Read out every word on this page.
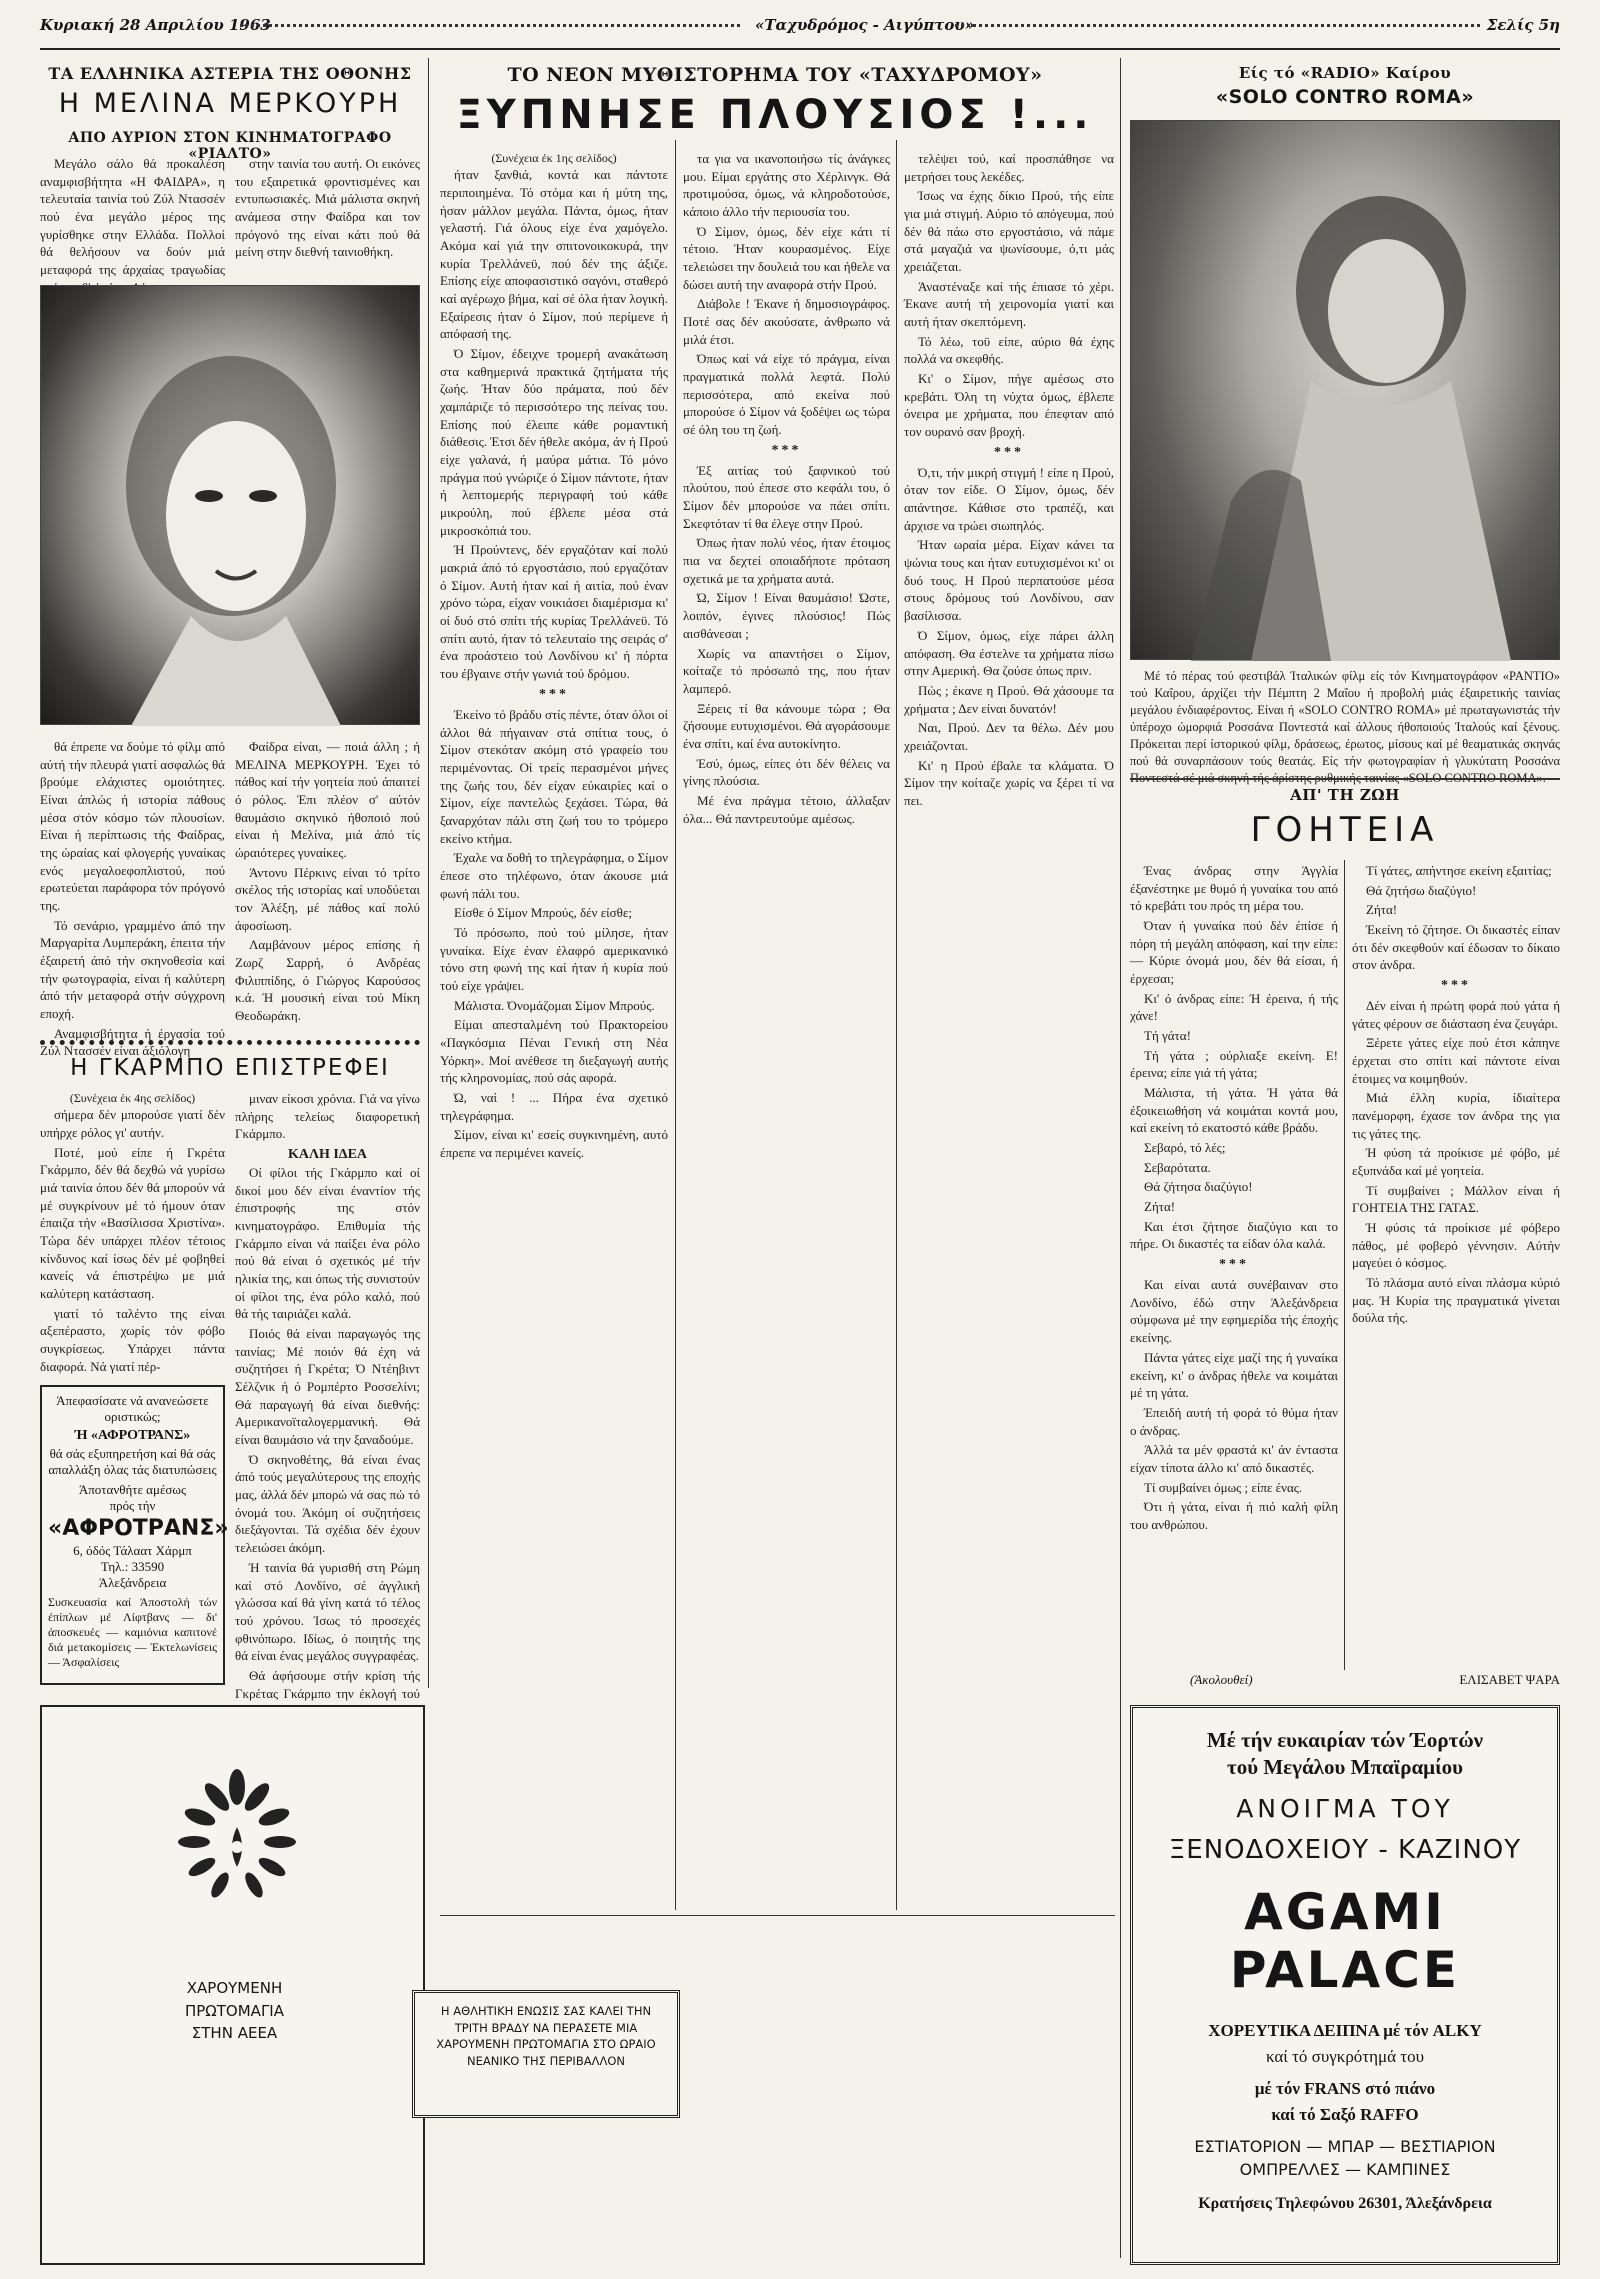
Κυριακή 28 Απριλίου 1963	«Ταχυδρόμος - Αιγύπτου»	Σελίς 5η
ΤΑ ΕΛΛΗΝΙΚΑ ΑΣΤΕΡΙΑ ΤΗΣ ΟΘΟΝΗΣ
Η ΜΕΛΙΝΑ ΜΕΡΚΟΥΡΗ
ΑΠΟ ΑΥΡΙΟΝ ΣΤΟΝ ΚΙΝΗΜΑΤΟΓΡΑΦΟ «ΡΙΑΛΤΟ»

Μεγάλο σάλο θά προκαλέση αναμφισβήτητα «Η ΦΑΙΔΡΑ», η τελευταία ταινία τού Ζύλ Ντασσέν πού ένα μεγάλο μέρος της γυρίσθηκε στην Ελλάδα. Πολλοί θά θελήσουν να δούν μιά μεταφορά της άρχαίας τραγωδίας

στην ταινία του αυτή. Οι εικόνες του εξαιρετικά φροντισμένες και εντυπωσιακές. Μιά μάλιστα σκηνή ανάμεσα στην Φαίδρα και τον πρόγονό της είναι κάτι πού θά μείνη στην διεθνή ταινιοθήκη.

θά έπρεπε να δούμε τό φίλμ από αύτή τήν πλευρά γιατί ασφαλώς θά βρούμε ελάχιστες ομοιότητες. Είναι άπλώς ή ιστορία πάθους μέσα στόν κόσμο τών πλουσίων. Είναι ή περίπτωσις τής Φαίδρας, της ώραίας καί φλογερής γυναίκας ενός μεγαλοεφοπλιστού, πού ερωτεύεται παράφορα τόν πρόγονό της.

Τό σενάριο, γραμμένο άπό την Μαργαρίτα Λυμπεράκη, έπειτα τήν έξαιρετή άπό τήν σκηνοθεσία καί τήν φωτογραφία, είναι ή καλύτερη άπό τήν μεταφορά στήν σύγχρονη εποχή.

Αναμφισβήτητα ή έργασία τού Ζύλ Ντασσέν είναι άξιόλογη

Φαίδρα είναι, — ποιά άλλη ; ή ΜΕΛΙΝΑ ΜΕΡΚΟΥΡΗ. Έχει τό πάθος καί τήν γοητεία πού άπαιτεί ό ρόλος. Έπι πλέον σ' αύτόν θαυμάσιο σκηνικό ήθοποιό πού είναι ή Μελίνα, μιά άπό τίς ώραιότερες γυναίκες.

Άντονυ Πέρκινς είναι τό τρίτο σκέλος τής ιστορίας καί υποδύεται τον Άλέξη, μέ πάθος καί πολύ άφοσίωση.

Λαμβάνουν μέρος επίσης ή Ζωρζ Σαρρή, ό Ανδρέας Φιλιππίδης, ό Γιώργος Καρούσος κ.ά. Ή μουσική είναι τού Μίκη Θεοδωράκη.

Η ΓΚΑΡΜΠΟ ΕΠΙΣΤΡΕΦΕΙ
(Συνέχεια έκ 4ης σελίδος)

σήμερα δέν μπορούσε γιατί δέν υπήρχε ρόλος γι' αυτήν.

Ποτέ, μού είπε ή Γκρέτα Γκάρμπο, δέν θά δεχθώ νά γυρίσω μιά ταινία όπου δέν θά μπορούν νά μέ συγκρίνουν μέ τό ήμουν όταν έπαιζα τήν «Βασίλισσα Χριστίνα». Τώρα δέν υπάρχει πλέον τέτοιος κίνδυνος καί ίσως δέν μέ φοβηθεί κανείς νά έπιστρέψω με μιά καλύτερη κατάσταση.

γιατί τό ταλέντο της είναι αξεπέραστο, χωρίς τόν φόβο συγκρίσεως. Υπάρχει πάντα διαφορά. Νά γιατί πέρ-

μιναν είκοσι χρόνια. Γιά να γίνω πλήρης τελείως διαφορετική Γκάρμπο.

ΚΑΛΗ ΙΔΕΑ

Οί φίλοι τής Γκάρμπο καί οί δικοί μου δέν είναι έναντίον τής έπιστροφής της στόν κινηματογράφο. Επιθυμία τής Γκάρμπο είναι νά παίξει ένα ρόλο πού θά είναι ό σχετικός μέ τήν ηλικία της, και όπως τής συνιστούν οί φίλοι της, ένα ρόλο καλό, πού θά τής ταιριάζει καλά.

Ποιός θά είναι παραγωγός της ταινίας; Μέ ποιόν θά έχη νά συζητήσει ή Γκρέτα; Ό Ντέηβιντ Σέλζνικ ή ό Ρομπέρτο Ροσσελίνι; Θά παραγωγή θά είναι διεθνής: Αμερικανοϊταλογερμανική. Θά είναι θαυμάσιο νά την ξαναδούμε.

Ό σκηνοθέτης, θά είναι ένας άπό τούς μεγαλύτερους της εποχής μας, άλλά δέν μπορώ νά σας πώ τό όνομά του. Άκόμη οί συζητήσεις διεξάγονται. Τά σχέδια δέν έχουν τελειώσει άκόμη.

Ή ταινία θά γυρισθή στη Ρώμη καί στό Λονδίνο, σέ άγγλική γλώσσα καί θά γίνη κατά τό τέλος τού χρόνου. Ίσως τό προσεχές φθινόπωρο. Ιδίως, ό ποιητής της θά είναι ένας μεγάλος συγγραφέας.

Θά άφήσουμε στήν κρίση τής Γκρέτας Γκάρμπο την έκλογή τού

Άπεφασίσατε νά ανανεώσετε οριστικώς;
Ή «ΑΦΡΟΤΡΑΝΣ»
θά σάς εξυπηρετήση καί θά σάς απαλλάξη όλας τάς διατυπώσεις
Άποτανθήτε αμέσως
πρός τήν
«ΑΦΡΟΤΡΑΝΣ»
6, όδός Τάλαατ Χάρμπ
Τηλ.: 33590
Άλεξάνδρεια
Συσκευασία καί Άποστολή τών έπίπλων μέ Λίφτβανς — δι' άποσκευές — καμιόνια καπιτονέ διά μετακομίσεις — Έκτελωνίσεις — Άσφαλίσεις
ΧΑΡΟΥΜΕΝΗ
ΠΡΩΤΟΜΑΓΙΑ
ΣΤΗΝ ΑΕΕΑ
ΤΟ ΝΕΟΝ ΜΥΘΙΣΤΟΡΗΜΑ ΤΟΥ «ΤΑΧΥΔΡΟΜΟΥ»
ΞΥΠΝΗΣΕ ΠΛΟΥΣΙΟΣ !...
(Συνέχεια έκ 1ης σελίδος)

ήταν ξανθιά, κοντά και πάντοτε περιποιημένα. Τό στόμα και ή μύτη της, ήσαν μάλλον μεγάλα. Πάντα, όμως, ήταν γελαστή. Γιά όλους είχε ένα χαμόγελο. Ακόμα καί γιά την σπιτονοικοκυρά, την κυρία Τρελλάνεϋ, πού δέν της άξιζε. Επίσης είχε αποφασιστικό σαγόνι, σταθερό καί αγέρωχο βήμα, καί σέ όλα ήταν λογική. Εξαίρεσις ήταν ό Σίμον, πού περίμενε ή απόφασή της.

Ό Σίμον, έδειχνε τρομερή ανακάτωση στα καθημερινά πρακτικά ζητήματα τής ζωής. Ήταν δύο πράματα, πού δέν χαμπάριζε τό περισσότερο της πείνας του. Επίσης πού έλειπε κάθε ρομαντική διάθεσις. Έτσι δέν ήθελε ακόμα, άν ή Πρού είχε γαλανά, ή μαύρα μάτια. Τό μόνο πράγμα πού γνώριζε ό Σίμον πάντοτε, ήταν ή λεπτομερής περιγραφή τού κάθε μικρούλη, πού έβλεπε μέσα στά μικροσκόπιά του.

Ή Προύντενς, δέν εργαζόταν καί πολύ μακριά άπό τό εργοστάσιο, πού εργαζόταν ό Σίμον. Αυτή ήταν καί ή αιτία, πού έναν χρόνο τώρα, είχαν νοικιάσει διαμέρισμα κι' οί δυό στό σπίτι τής κυρίας Τρελλάνεϋ. Τό σπίτι αυτό, ήταν τό τελευταίο της σειράς σ' ένα προάστειο τού Λονδίνου κι' ή πόρτα του έβγαινε στήν γωνιά τού δρόμου.

***

Έκείνο τό βράδυ στίς πέντε, όταν όλοι οί άλλοι θά πήγαιναν στά σπίτια τους, ό Σίμον στεκόταν ακόμη στό γραφείο του περιμένοντας. Οί τρείς περασμένοι μήνες της ζωής του, δέν είχαν εύκαιρίες καί ο Σίμον, είχε παντελώς ξεχάσει. Τώρα, θά ξαναρχόταν πάλι στη ζωή του το τρόμερο εκείνο κτήμα.

Έχαλε να δοθή το τηλεγράφημα, ο Σίμον έπεσε στο τηλέφωνο, όταν άκουσε μιά φωνή πάλι του.

Είσθε ό Σίμον Μπρούς, δέν είσθε;

Τό πρόσωπο, πού τού μίλησε, ήταν γυναίκα. Είχε έναν έλαφρό αμερικανικό τόνο στη φωνή της καί ήταν ή κυρία πού τού είχε γράψει.

Μάλιστα. Όνομάζομαι Σίμον Μπρούς.

Είμαι απεσταλμένη τού Πρακτορείου «Παγκόσμια Πέναι Γενική στη Νέα Υόρκη». Μοί ανέθεσε τη διεξαγωγή αυτής τής κληρονομίας, πού σάς αφορά.

Ώ, ναί ! ... Πήρα ένα σχετικό τηλεγράφημα.

Σίμον, είναι κι' εσείς συγκινημένη, αυτό έπρεπε να περιμένει κανείς.

τα για να ικανοποιήσω τίς άνάγκες μου. Είμαι εργάτης στο Χέρλινγκ. Θά προτιμούσα, όμως, νά κληροδοτούσε, κάποιο άλλο τήν περιουσία του.

Ό Σίμον, όμως, δέν είχε κάτι τί τέτοιο. Ήταν κουρασμένος. Είχε τελειώσει την δουλειά του και ήθελε να δώσει αυτή την αναφορά στήν Πρού.

Διάβολε ! Έκανε ή δημοσιογράφος. Ποτέ σας δέν ακούσατε, άνθρωπο νά μιλά έτσι.

Όπως καί νά είχε τό πράγμα, είναι πραγματικά πολλά λεφτά. Πολύ περισσότερα, από εκείνα πού μπορούσε ό Σίμον νά ξοδέψει ως τώρα σέ όλη του τη ζωή.

***

Έξ αιτίας τού ξαφνικού τού πλούτου, πού έπεσε στο κεφάλι του, ό Σίμον δέν μπορούσε να πάει σπίτι. Σκεφτόταν τί θα έλεγε στην Πρού.

Όπως ήταν πολύ νέος, ήταν έτοιμος πια να δεχτεί οποιαδήποτε πρόταση σχετικά με τα χρήματα αυτά.

Ώ, Σίμον ! Είναι θαυμάσιο! Ώστε, λοιπόν, έγινες πλούσιος! Πώς αισθάνεσαι ;

Χωρίς να απαντήσει ο Σίμον, κοίταζε τό πρόσωπό της, που ήταν λαμπερό.

Ξέρεις τί θα κάνουμε τώρα ; Θα ζήσουμε ευτυχισμένοι. Θά αγοράσουμε ένα σπίτι, καί ένα αυτοκίνητο.

Έσύ, όμως, είπες ότι δέν θέλεις να γίνης πλούσια.

Μέ ένα πράγμα τέτοιο, άλλαξαν όλα... Θά παντρευτούμε αμέσως.

τελέψει τού, καί προσπάθησε να μετρήσει τους λεκέδες.

Ίσως να έχης δίκιο Πρού, τής είπε για μιά στιγμή. Αύριο τό απόγευμα, πού δέν θά πάω στο εργοστάσιο, νά πάμε στά μαγαζιά να ψωνίσουμε, ό,τι μάς χρειάζεται.

Άναστέναξε καί τής έπιασε τό χέρι. Έκανε αυτή τή χειρονομία γιατί και αυτή ήταν σκεπτόμενη.

Τό λέω, τοϋ είπε, αύριο θά έχης πολλά να σκεφθής.

Κι' ο Σίμον, πήγε αμέσως στο κρεβάτι. Όλη τη νύχτα όμως, έβλεπε όνειρα με χρήματα, που έπεφταν από τον ουρανό σαν βροχή.

***

Ό,τι, τήν μικρή στιγμή ! είπε η Πρού, όταν τον είδε. Ο Σίμον, όμως, δέν απάντησε. Κάθισε στο τραπέζι, και άρχισε να τρώει σιωπηλός.

Ήταν ωραία μέρα. Είχαν κάνει τα ψώνια τους και ήταν ευτυχισμένοι κι' οι δυό τους. Η Πρού περπατούσε μέσα στους δρόμους τού Λονδίνου, σαν βασίλισσα.

Ό Σίμον, όμως, είχε πάρει άλλη απόφαση. Θα έστελνε τα χρήματα πίσω στην Αμερική. Θα ζούσε όπως πριν.

Πώς ; έκανε η Πρού. Θά χάσουμε τα χρήματα ; Δεν είναι δυνατόν!

Ναι, Πρού. Δεν τα θέλω. Δέν μου χρειάζονται.

Κι' η Πρού έβαλε τα κλάματα. Ό Σίμον την κοίταζε χωρίς να ξέρει τί να πει.

Η ΑΘΛΗΤΙΚΗ ΕΝΩΣΙΣ ΣΑΣ ΚΑΛΕΙ ΤΗΝ ΤΡΙΤΗ ΒΡΑΔΥ ΝΑ ΠΕΡΑΣΕΤΕ ΜΙΑ ΧΑΡΟΥΜΕΝΗ ΠΡΩΤΟΜΑΓΙΑ ΣΤΟ ΩΡΑΙΟ ΝΕΑΝΙΚΟ ΤΗΣ ΠΕΡΙΒΑΛΛΟΝ
Είς τό «RADIO» Καίρου
«SOLO CONTRO ROMA»

Μέ τό πέρας τού φεστιβάλ Ίταλικών φίλμ είς τόν Κινηματογράφον «ΡΑΝΤΙΟ» τού Καΐρου, άρχίζει τήν Πέμπτη 2 Μαΐου ή προβολή μιάς έξαιρετικής ταινίας μεγάλου ένδιαφέροντος. Είναι ή «SOLO CONTRO ROMA» μέ πρωταγωνιστάς τήν ύπέροχο ώμορφιά Ροσσάνα Ποντεστά καί άλλους ήθοποιούς Ίταλούς καί ξένους. Πρόκειται περί ίστορικού φίλμ, δράσεως, έρωτος, μίσους καί μέ θεαματικάς σκηνάς πού θά συναρπάσουν τούς θεατάς. Είς τήν φωτογραφίαν ή γλυκύτατη Ροσσάνα

ΑΠ' ΤΗ ΖΩΗ
ΓΟΗΤΕΙΑ

Ένας άνδρας στην Άγγλία έξανέστηκε με θυμό ή γυναίκα του από τό κρεβάτι του πρός τη μέρα του.

Όταν ή γυναίκα πού δέν έπίσε ή πόρη τή μεγάλη απόφαση, καί την είπε: — Κύριε όνομά μου, δέν θά είσαι, ή έρχεσαι;

Κι' ό άνδρας είπε: Ή έρεινα, ή τής χάνε!

Τή γάτα!

Τή γάτα ; ούρλιαξε εκείνη. Ε! έρεινα; είπε γιά τή γάτα;

Μάλιστα, τή γάτα. Ή γάτα θά έξοικειωθήση νά κοιμάται κοντά μου, καί εκείνη τό εκατοστό κάθε βράδυ.

Σεβαρό, τό λές;

Σεβαρότατα.

Θά ζήτησα διαζύγιο!

Ζήτα!

Και έτσι ζήτησε διαζύγιο και το πήρε. Οι δικαστές τα είδαν όλα καλά.

***

Και είναι αυτά συνέβαιναν στο Λονδίνο, έδώ στην Άλεξάνδρεια σύμφωνα μέ την εφημερίδα τής έποχής εκείνης.

Πάντα γάτες είχε μαζί της ή γυναίκα εκείνη, κι' ο άνδρας ήθελε να κοιμάται μέ τη γάτα.

Έπειδή αυτή τή φορά τό θύμα ήταν ο άνδρας.

Άλλά τα μέν φραστά κι' άν ένταστα είχαν τίποτα άλλο κι' από δικαστές.

Τί συμβαίνει όμως ; είπε ένας.

Ότι ή γάτα, είναι ή πιό καλή φίλη του ανθρώπου.

Τί γάτες, απήντησε εκείνη εξαιτίας;

Θά ζητήσω διαζύγιο!

Ζήτα!

Έκείνη τό ζήτησε. Οι δικαστές είπαν ότι δέν σκεφθούν καί έδωσαν το δίκαιο στον άνδρα.

***

Δέν είναι ή πρώτη φορά πού γάτα ή γάτες φέρουν σε διάσταση ένα ζευγάρι.

Ξέρετε γάτες είχε πού έτσι κάπηνε έρχεται στο σπίτι καί πάντοτε είναι έτοιμες να κοιμηθούν.

Μιά έλλη κυρία, ίδιαίτερα πανέμορφη, έχασε τον άνδρα της για τις γάτες της.

Ή φύση τά προίκισε μέ φόβο, μέ εξυπνάδα καί μέ γοητεία.

Τί συμβαίνει ; Μάλλον είναι ή ΓΟΗΤΕΙΑ ΤΗΣ ΓΑΤΑΣ.

Ή φύσις τά προίκισε μέ φόβερο πάθος, μέ φοβερό γέννησιν. Αύτήν μαγεύει ό κόσμος.

Τό πλάσμα αυτό είναι πλάσμα κύριό μας. Ή Κυρία της πραγματικά γίνεται δούλα τής.

(Άκολουθεί)	ΕΛΙΣΑΒΕΤ ΨΑΡΑ
Μέ τήν ευκαιρίαν τών Έορτών
τού Μεγάλου Μπαϊραμίου
ΑΝΟΙΓΜΑ ΤΟΥ
ΞΕΝΟΔΟΧΕΙΟΥ - ΚΑΖΙΝΟΥ
AGAMI PALACE
ΧΟΡΕΥΤΙΚΑ ΔΕΙΠΝΑ μέ τόν ALKY
καί τό συγκρότημά του
μέ τόν FRANS στό πιάνο
καί τό Σαξό RAFFO
ΕΣΤΙΑΤΟΡΙΟΝ — ΜΠΑΡ — ΒΕΣΤΙΑΡΙΟΝ
ΟΜΠΡΕΛΛΕΣ — ΚΑΜΠΙΝΕΣ
Κρατήσεις Τηλεφώνου 26301, Άλεξάνδρεια
